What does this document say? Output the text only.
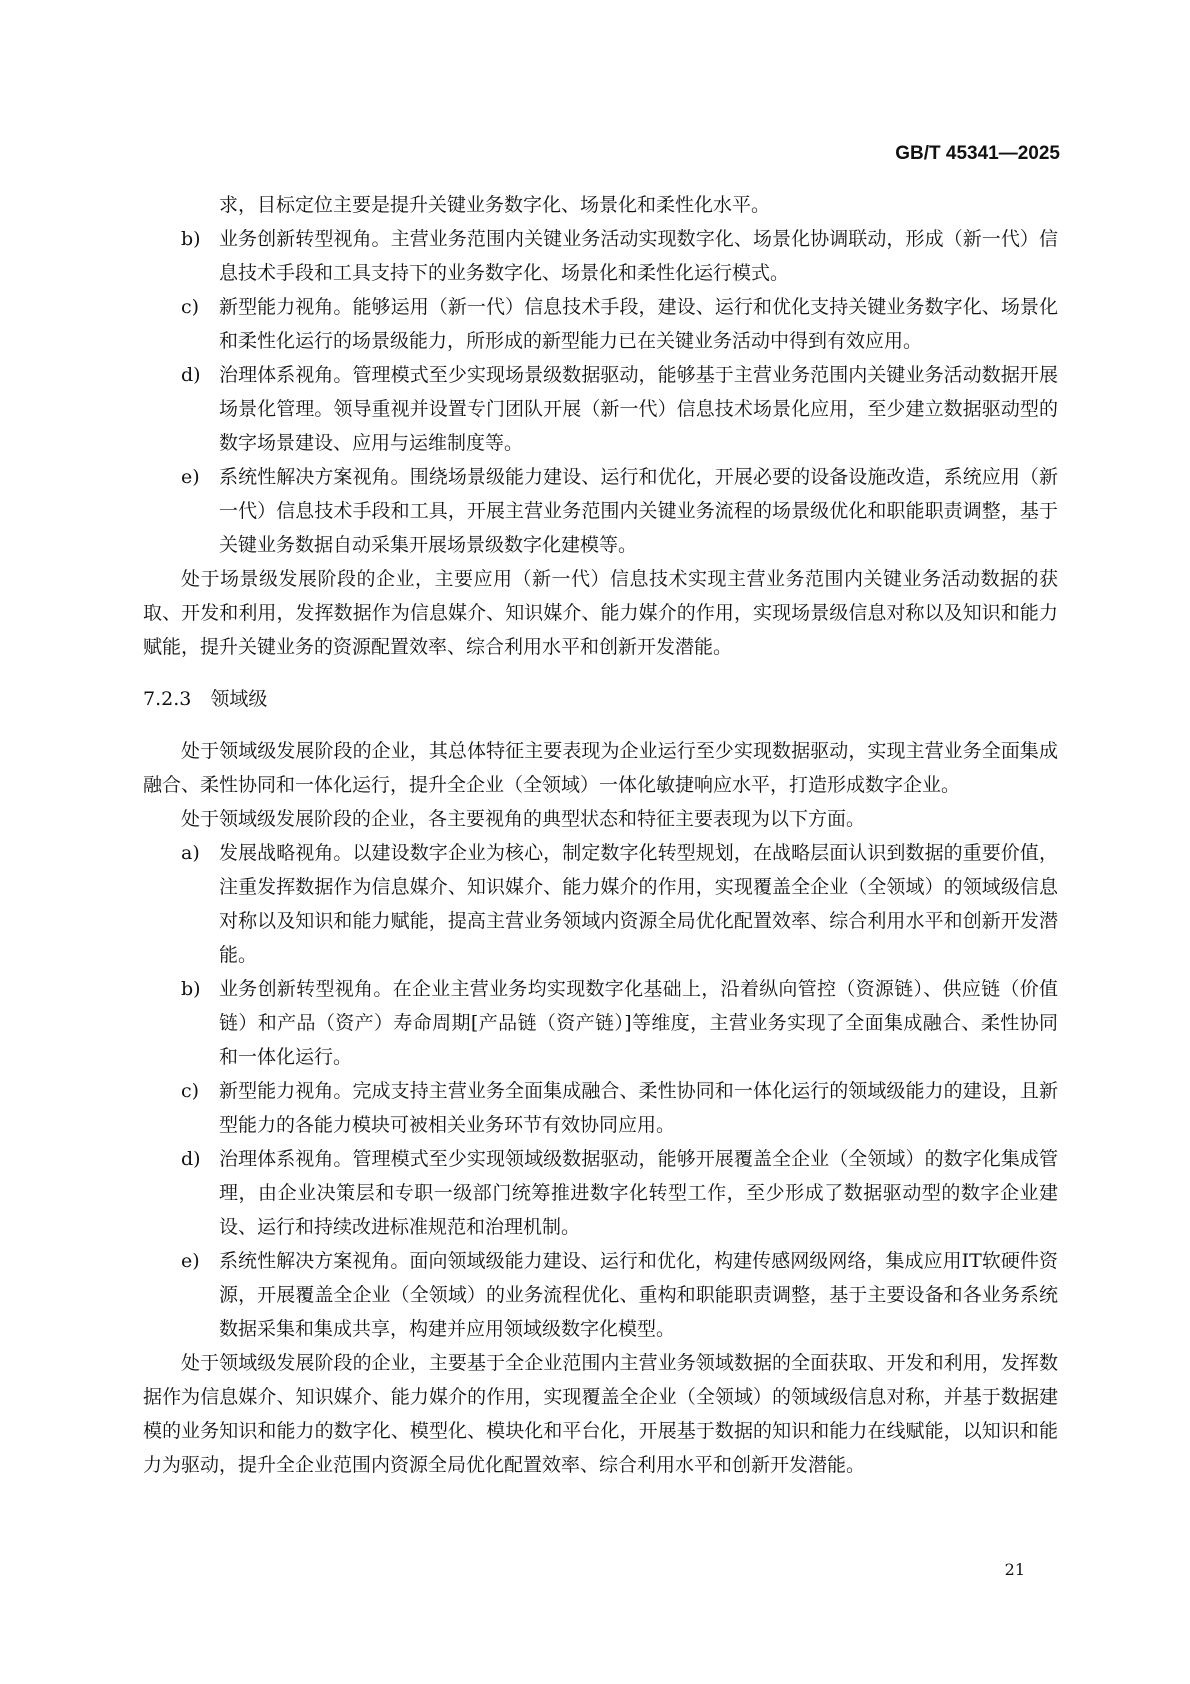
GB/T 45341—2025

求，目标定位主要是提升关键业务数字化、场景化和柔性化水平。

b) 业务创新转型视角。主营业务范围内关键业务活动实现数字化、场景化协调联动，形成（新一代）信息技术手段和工具支持下的业务数字化、场景化和柔性化运行模式。
c)	新型能力视角。能够运用（新一代）信息技术手段，建设、运行和优化支持关键业务数字化、场景化和柔性化运行的场景级能力，所形成的新型能力已在关键业务活动中得到有效应用。
d) 治理体系视角。管理模式至少实现场景级数据驱动，能够基于主营业务范围内关键业务活动数据开展场景化管理。领导重视并设置专门团队开展（新一代）信息技术场景化应用，至少建立数据驱动型的数字场景建设、应用与运维制度等。
e)	系统性解决方案视角。围绕场景级能力建设、运行和优化，开展必要的设备设施改造，系统应用（新一代）信息技术手段和工具，开展主营业务范围内关键业务流程的场景级优化和职能职责调整，基于关键业务数据自动采集开展场景级数字化建模等。

处于场景级发展阶段的企业，主要应用（新一代）信息技术实现主营业务范围内关键业务活动数据的获取、开发和利用，发挥数据作为信息媒介、知识媒介、能力媒介的作用，实现场景级信息对称以及知识和能力赋能，提升关键业务的资源配置效率、综合利用水平和创新开发潜能。

7.2.3　领域级

处于领域级发展阶段的企业，其总体特征主要表现为企业运行至少实现数据驱动，实现主营业务全面集成融合、柔性协同和一体化运行，提升全企业（全领域）一体化敏捷响应水平，打造形成数字企业。

处于领域级发展阶段的企业，各主要视角的典型状态和特征主要表现为以下方面。

a)	发展战略视角。以建设数字企业为核心，制定数字化转型规划，在战略层面认识到数据的重要价值，注重发挥数据作为信息媒介、知识媒介、能力媒介的作用，实现覆盖全企业（全领域）的领域级信息对称以及知识和能力赋能，提高主营业务领域内资源全局优化配置效率、综合利用水平和创新开发潜能。
b) 业务创新转型视角。在企业主营业务均实现数字化基础上，沿着纵向管控（资源链）、供应链（价值链）和产品（资产）寿命周期[产品链（资产链）]等维度，主营业务实现了全面集成融合、柔性协同和一体化运行。
c)	新型能力视角。完成支持主营业务全面集成融合、柔性协同和一体化运行的领域级能力的建设，且新型能力的各能力模块可被相关业务环节有效协同应用。
d) 治理体系视角。管理模式至少实现领域级数据驱动，能够开展覆盖全企业（全领域）的数字化集成管理，由企业决策层和专职一级部门统筹推进数字化转型工作，至少形成了数据驱动型的数字企业建设、运行和持续改进标准规范和治理机制。
e)	系统性解决方案视角。面向领域级能力建设、运行和优化，构建传感网级网络，集成应用IT软硬件资源，开展覆盖全企业（全领域）的业务流程优化、重构和职能职责调整，基于主要设备和各业务系统数据采集和集成共享，构建并应用领域级数字化模型。

处于领域级发展阶段的企业，主要基于全企业范围内主营业务领域数据的全面获取、开发和利用，发挥数据作为信息媒介、知识媒介、能力媒介的作用，实现覆盖全企业（全领域）的领域级信息对称，并基于数据建模的业务知识和能力的数字化、模型化、模块化和平台化，开展基于数据的知识和能力在线赋能，以知识和能力为驱动，提升全企业范围内资源全局优化配置效率、综合利用水平和创新开发潜能。

21
